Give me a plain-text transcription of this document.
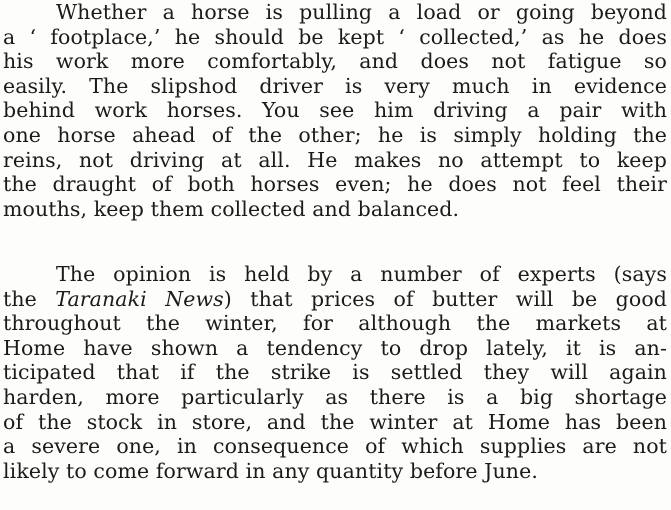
Whether a horse is pulling a load or going beyond
a ‘ footplace,’ he should be kept ‘ collected,’ as he does
his work more comfortably, and does not fatigue so
easily. The slipshod driver is very much in evidence
behind work horses. You see him driving a pair with
one horse ahead of the other; he is simply holding the
reins, not driving at all. He makes no attempt to keep
the draught of both horses even; he does not feel their
mouths, keep them collected and balanced.

The opinion is held by a number of experts (says
the Taranaki News) that prices of butter will be good
throughout the winter, for although the markets at
Home have shown a tendency to drop lately, it is an-
ticipated that if the strike is settled they will again
harden, more particularly as there is a big shortage
of the stock in store, and the winter at Home has been
a severe one, in consequence of which supplies are not
likely to come forward in any quantity before June.
